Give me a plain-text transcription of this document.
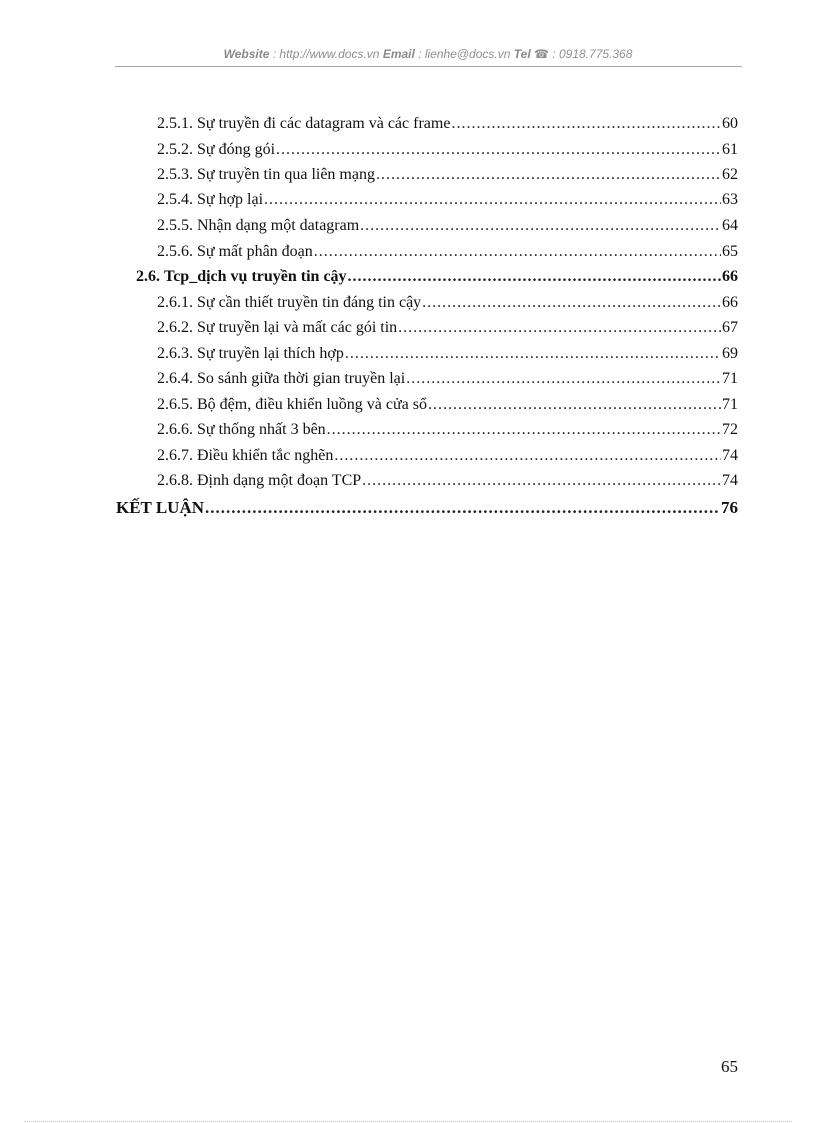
Website : http://www.docs.vn Email : lienhe@docs.vn Tel ☎ : 0918.775.368
2.5.1. Sự truyền đi các datagram và các frame .....	60
2.5.2. Sự đóng gói .....	61
2.5.3. Sự truyền tin qua liên mạng .....	62
2.5.4. Sự hợp lại .....	63
2.5.5. Nhận dạng một datagram .....	64
2.5.6. Sự mất phân đoạn .....	65
2.6. Tcp_dịch vụ truyền tin cậy .....	66
2.6.1. Sự cần thiết truyền tin đáng tin cậy .....	66
2.6.2. Sự truyền lại và mất các gói tin .....	67
2.6.3. Sự truyền lại thích hợp .....	69
2.6.4. So sánh giữa thời gian truyền lại .....	71
2.6.5. Bộ đệm, điều khiển luồng và cửa sổ .....	71
2.6.6. Sự thống nhất 3 bên .....	72
2.6.7. Điều khiển tắc nghẽn .....	74
2.6.8. Định dạng một đoạn TCP .....	74
KẾT LUẬN .....	76
65
